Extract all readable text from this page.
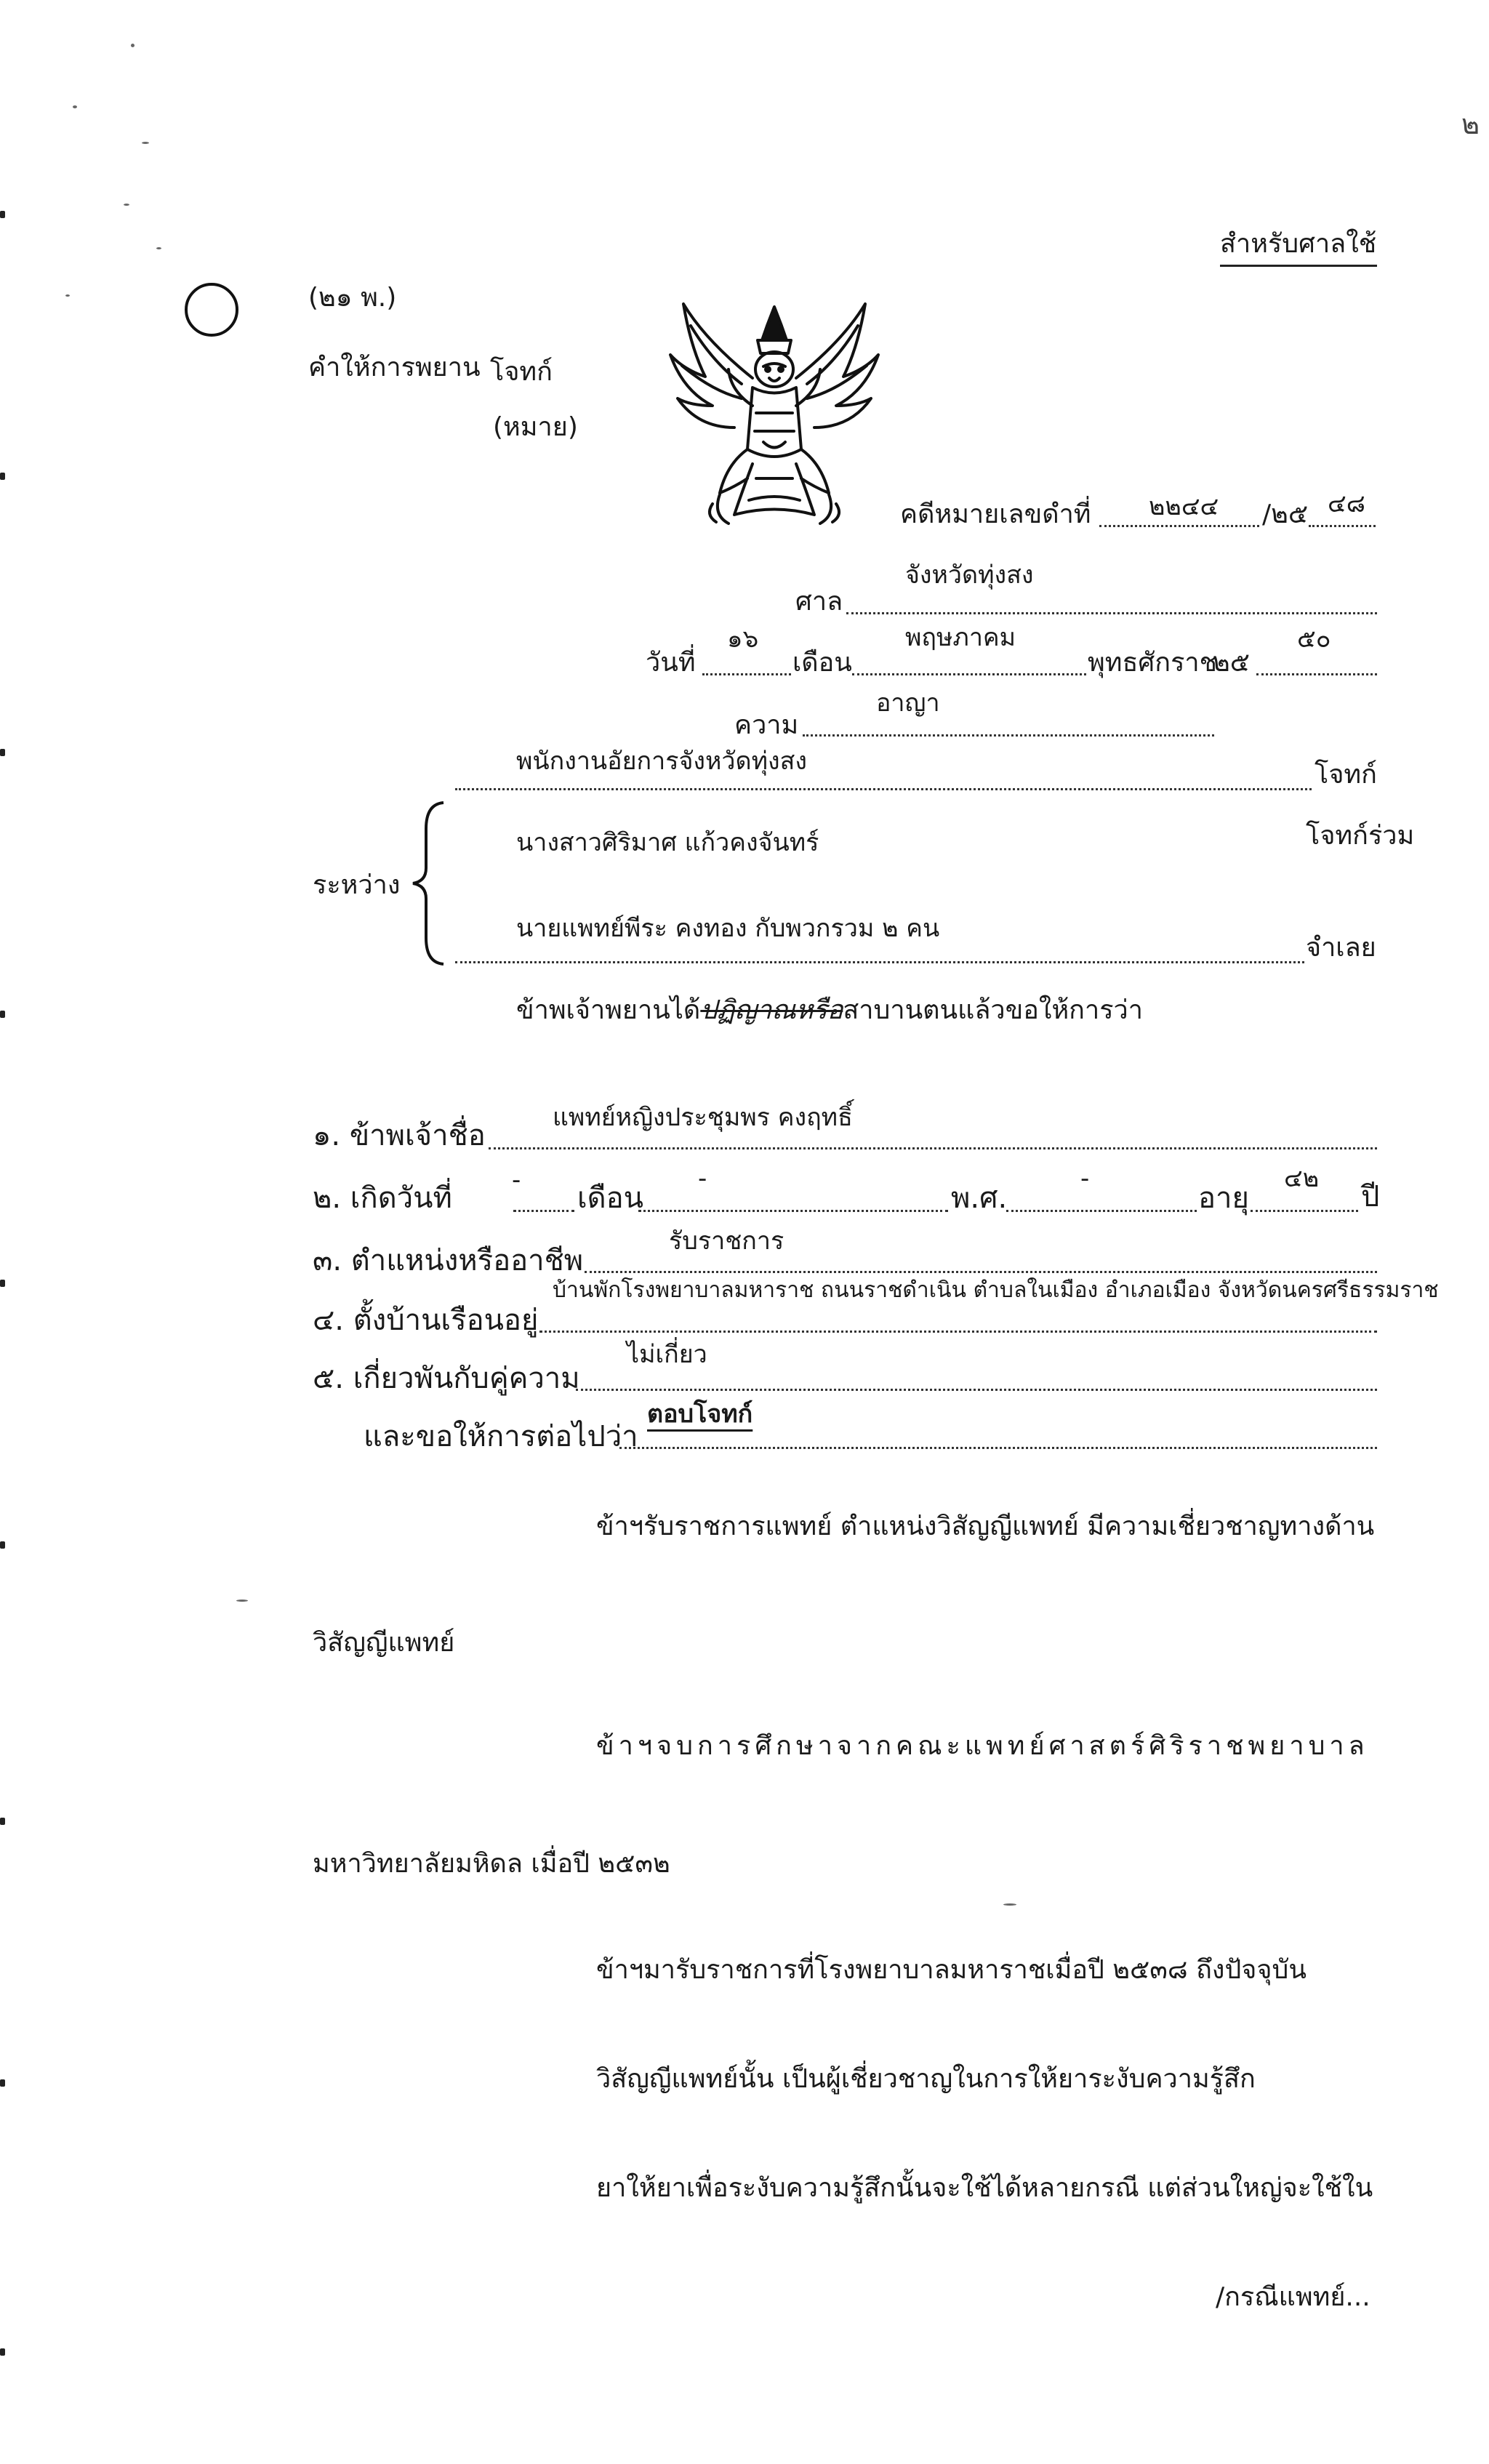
๒
สำหรับศาลใช้
(๒๑ พ.)
คำให้การพยาน โจทก์
(หมาย)
คดีหมายเลขดำที่ ๒๒๔๔ /๒๕ ๔๘
ศาล
จังหวัดทุ่งสง
วันที่
๑๖
เดือน
พฤษภาคม
พุทธศักราช
๒๕
๕๐
ความ
อาญา
พนักงานอัยการจังหวัดทุ่งสง	โจทก์
ระหว่าง
นางสาวศิริมาศ แก้วคงจันทร์	โจทก์ร่วม
นายแพทย์พีระ คงทอง กับพวกรวม ๒ คน
จำเลย
ข้าพเจ้าพยานได้ปฏิญาณหรือสาบานตนแล้วขอให้การว่า
๑. ข้าพเจ้าชื่อ
แพทย์หญิงประชุมพร คงฤทธิ์
๒. เกิดวันที่
-
เดือน
-
พ.ศ.
-
อายุ
๔๒
ปี
๓. ตำแหน่งหรืออาชีพ
รับราชการ
๔. ตั้งบ้านเรือนอยู่
บ้านพักโรงพยาบาลมหาราช ถนนราชดำเนิน ตำบลในเมือง อำเภอเมือง จังหวัดนครศรีธรรมราช
๕. เกี่ยวพันกับคู่ความ
ไม่เกี่ยว
และขอให้การต่อไปว่า
ตอบโจทก์
ข้าฯรับราชการแพทย์ ตำแหน่งวิสัญญีแพทย์ มีความเชี่ยวชาญทางด้าน
วิสัญญีแพทย์
ข้าฯจบการศึกษาจากคณะแพทย์ศาสตร์ศิริราชพยาบาล
มหาวิทยาลัยมหิดล เมื่อปี ๒๕๓๒
ข้าฯมารับราชการที่โรงพยาบาลมหาราชเมื่อปี ๒๕๓๘ ถึงปัจจุบัน
วิสัญญีแพทย์นั้น เป็นผู้เชี่ยวชาญในการให้ยาระงับความรู้สึก
ยาให้ยาเพื่อระงับความรู้สึกนั้นจะใช้ได้หลายกรณี แต่ส่วนใหญ่จะใช้ใน
/กรณีแพทย์...
